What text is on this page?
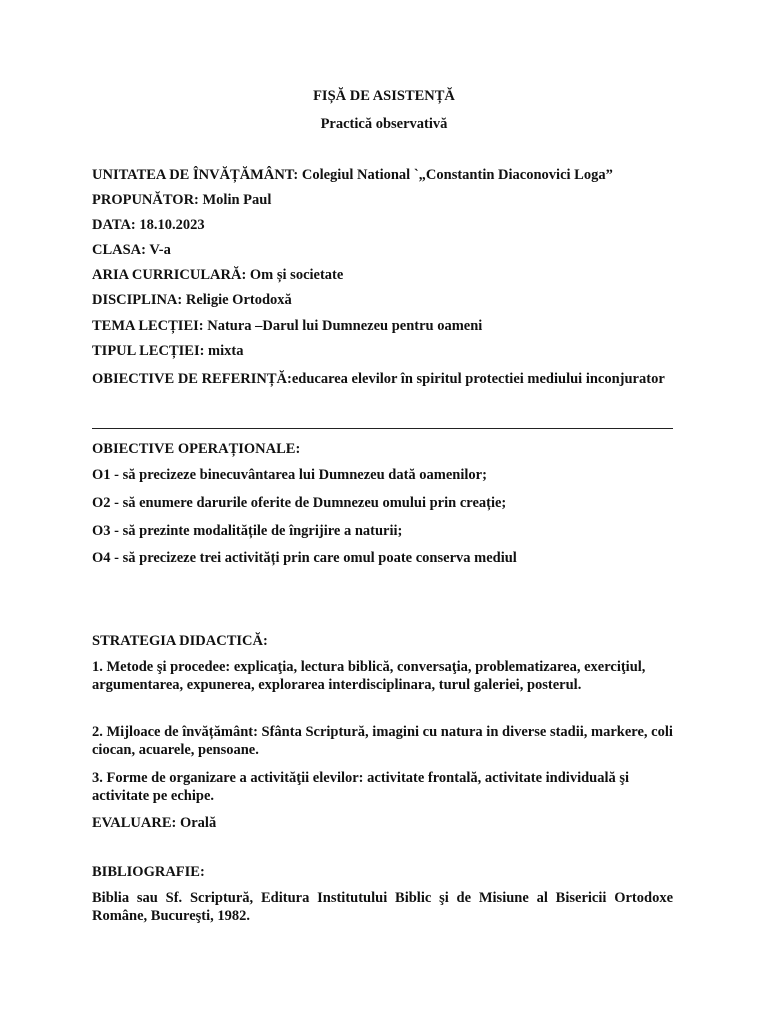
FIȘĂ DE ASISTENȚĂ
Practică observativă
UNITATEA DE ÎNVĂȚĂMÂNT: Colegiul National `„Constantin Diaconovici Loga”
PROPUNĂTOR: Molin Paul
DATA: 18.10.2023
CLASA: V-a
ARIA CURRICULARĂ: Om și societate
DISCIPLINA: Religie Ortodoxă
TEMA LECȚIEI: Natura –Darul lui Dumnezeu pentru oameni
TIPUL LECȚIEI: mixta
OBIECTIVE DE REFERINȚĂ:educarea elevilor în spiritul protectiei mediului inconjurator
OBIECTIVE OPERAȚIONALE:
O1 - să precizeze binecuvântarea lui Dumnezeu dată oamenilor;
O2 - să enumere darurile oferite de Dumnezeu omului prin creație;
O3 - să prezinte modalitățile de îngrijire a naturii;
O4 - să precizeze trei activități prin care omul poate conserva mediul
STRATEGIA DIDACTICĂ:
1. Metode şi procedee: explicaţia, lectura biblică, conversaţia, problematizarea, exerciţiul, argumentarea, expunerea, explorarea interdisciplinara, turul galeriei, posterul.
2. Mijloace de învățământ: Sfânta Scriptură, imagini cu natura in diverse stadii, markere, coli ciocan, acuarele, pensoane.
3. Forme de organizare a activităţii elevilor: activitate frontală, activitate individuală şi activitate pe echipe.
EVALUARE: Orală
BIBLIOGRAFIE:
Biblia sau Sf. Scriptură, Editura Institutului Biblic şi de Misiune al Bisericii Ortodoxe Române, Bucureşti, 1982.
